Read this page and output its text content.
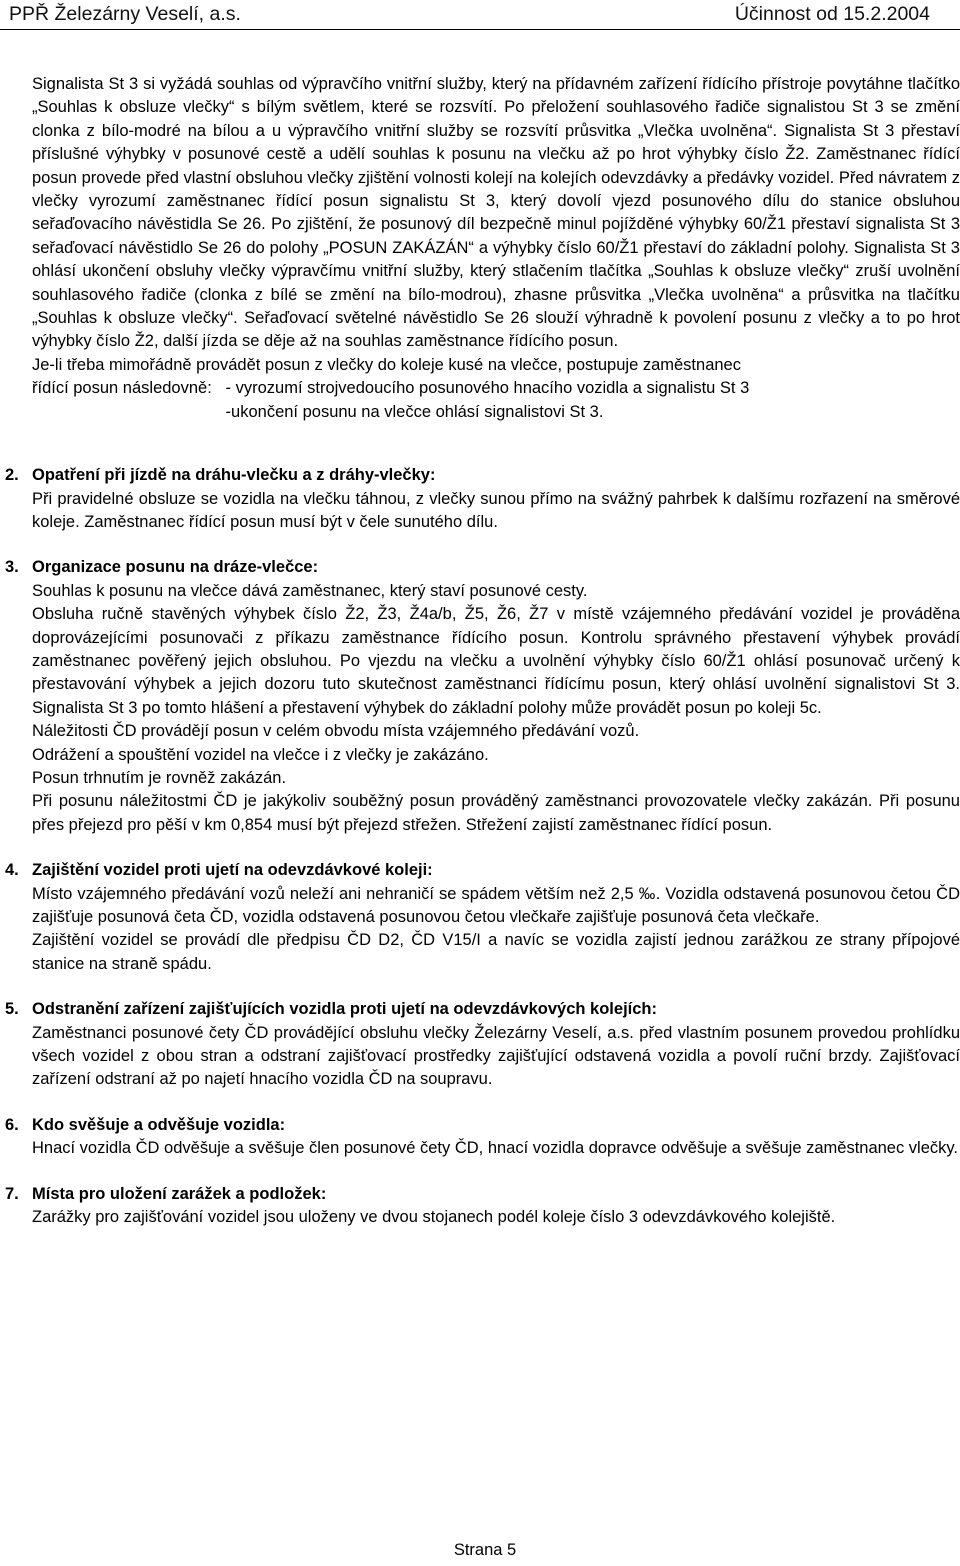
PPŘ Železárny Veselí, a.s.	Účinnost od 15.2.2004

Signalista St 3 si vyžádá souhlas od výpravčího vnitřní služby, který na přídavném zařízení řídícího přístroje povytáhne tlačítko „Souhlas k obsluze vlečky“ s bílým světlem, které se rozsvítí. Po přeložení souhlasového řadiče signalistou St 3 se změní clonka z bílo-modré na bílou a u výpravčího vnitřní služby se rozsvítí průsvitka „Vlečka uvolněna“. Signalista St 3 přestaví příslušné výhybky v posunové cestě a udělí souhlas k posunu na vlečku až po hrot výhybky číslo Ž2. Zaměstnanec řídící posun provede před vlastní obsluhou vlečky zjištění volnosti kolejí na kolejích odevzdávky a předávky vozidel. Před návratem z vlečky vyrozumí zaměstnanec řídící posun signalistu St 3, který dovolí vjezd posunového dílu do stanice obsluhou seřaďovacího návěstidla Se 26. Po zjištění, že posunový díl bezpečně minul pojížděné výhybky 60/Ž1 přestaví signalista St 3 seřaďovací návěstidlo Se 26 do polohy „POSUN ZAKÁZÁN“ a výhybky číslo 60/Ž1 přestaví do základní polohy. Signalista St 3 ohlásí ukončení obsluhy vlečky výpravčímu vnitřní služby, který stlačením tlačítka „Souhlas k obsluze vlečky“ zruší uvolnění souhlasového řadiče (clonka z bílé se změní na bílo-modrou), zhasne průsvitka „Vlečka uvolněna“ a průsvitka na tlačítku „Souhlas k obsluze vlečky“. Seřaďovací světelné návěstidlo Se 26 slouží výhradně k povolení posunu z vlečky a to po hrot výhybky číslo Ž2, další jízda se děje až na souhlas zaměstnance řídícího posun.

Je-li třeba mimořádně provádět posun z vlečky do koleje kusé na vlečce, postupuje zaměstnanec

řídící posun následovně: - vyrozumí strojvedoucího posunového hnacího vozidla a signalistu St 3
-ukončení posunu na vlečce ohlásí signalistovi St 3.
2. Opatření při jízdě na dráhu-vlečku a z dráhy-vlečky:

Při pravidelné obsluze se vozidla na vlečku táhnou, z vlečky sunou přímo na svážný pahrbek k dalšímu rozřazení na směrové koleje. Zaměstnanec řídící posun musí být v čele sunutého dílu.

3. Organizace posunu na dráze-vlečce:

Souhlas k posunu na vlečce dává zaměstnanec, který staví posunové cesty.

Obsluha ručně stavěných výhybek číslo Ž2, Ž3, Ž4a/b, Ž5, Ž6, Ž7 v místě vzájemného předávání vozidel je prováděna doprovázejícími posunovači z příkazu zaměstnance řídícího posun. Kontrolu správného přestavení výhybek provádí zaměstnanec pověřený jejich obsluhou. Po vjezdu na vlečku a uvolnění výhybky číslo 60/Ž1 ohlásí posunovač určený k přestavování výhybek a jejich dozoru tuto skutečnost zaměstnanci řídícímu posun, který ohlásí uvolnění signalistovi St 3. Signalista St 3 po tomto hlášení a přestavení výhybek do základní polohy může provádět posun po koleji 5c.

Náležitosti ČD provádějí posun v celém obvodu místa vzájemného předávání vozů.

Odrážení a spouštění vozidel na vlečce i z vlečky je zakázáno.

Posun trhnutím je rovněž zakázán.

Při posunu náležitostmi ČD je jakýkoliv souběžný posun prováděný zaměstnanci provozovatele vlečky zakázán. Při posunu přes přejezd pro pěší v km 0,854 musí být přejezd střežen. Střežení zajistí zaměstnanec řídící posun.

4. Zajištění vozidel proti ujetí na odevzdávkové koleji:

Místo vzájemného předávání vozů neleží ani nehraničí se spádem větším než 2,5 ‰. Vozidla odstavená posunovou četou ČD zajišťuje posunová četa ČD, vozidla odstavená posunovou četou vlečkaře zajišťuje posunová četa vlečkaře.

Zajištění vozidel se provádí dle předpisu ČD D2, ČD V15/I a navíc se vozidla zajistí jednou zarážkou ze strany přípojové stanice na straně spádu.

5. Odstranění zařízení zajišťujících vozidla proti ujetí na odevzdávkových kolejích:

Zaměstnanci posunové čety ČD provádějící obsluhu vlečky Železárny Veselí, a.s. před vlastním posunem provedou prohlídku všech vozidel z obou stran a odstraní zajišťovací prostředky zajišťující odstavená vozidla a povolí ruční brzdy. Zajišťovací zařízení odstraní až po najetí hnacího vozidla ČD na soupravu.

6. Kdo svěšuje a odvěšuje vozidla:

Hnací vozidla ČD odvěšuje a svěšuje člen posunové čety ČD, hnací vozidla dopravce odvěšuje a svěšuje zaměstnanec vlečky.

7. Místa pro uložení zarážek a podložek:

Zarážky pro zajišťování vozidel jsou uloženy ve dvou stojanech podél koleje číslo 3 odevzdávkového kolejiště.

Strana 5
